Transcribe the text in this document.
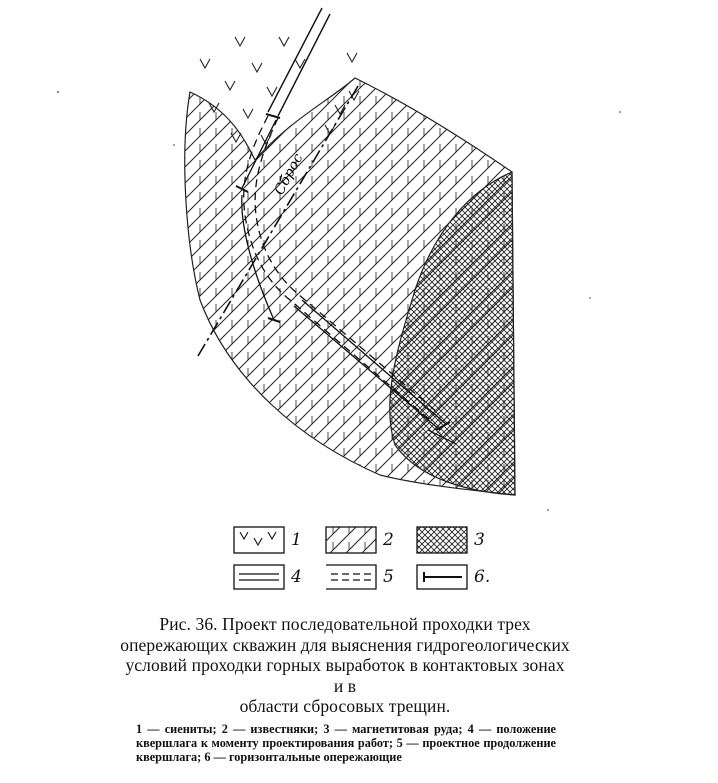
Сброс
1	2	3
4	5	6.
Рис. 36. Проект последовательной проходки трех опережающих скважин для выяснения гидрогеологических условий проходки горных выработок в контактовых зонах и в
области сбросовых трещин.
1 — сиениты; 2 — известняки; 3 — магнетитовая руда; 4 — положение квершлага к моменту проектирования работ; 5 — проектное продолжение квершлага; 6 — горизонтальные опережающие
